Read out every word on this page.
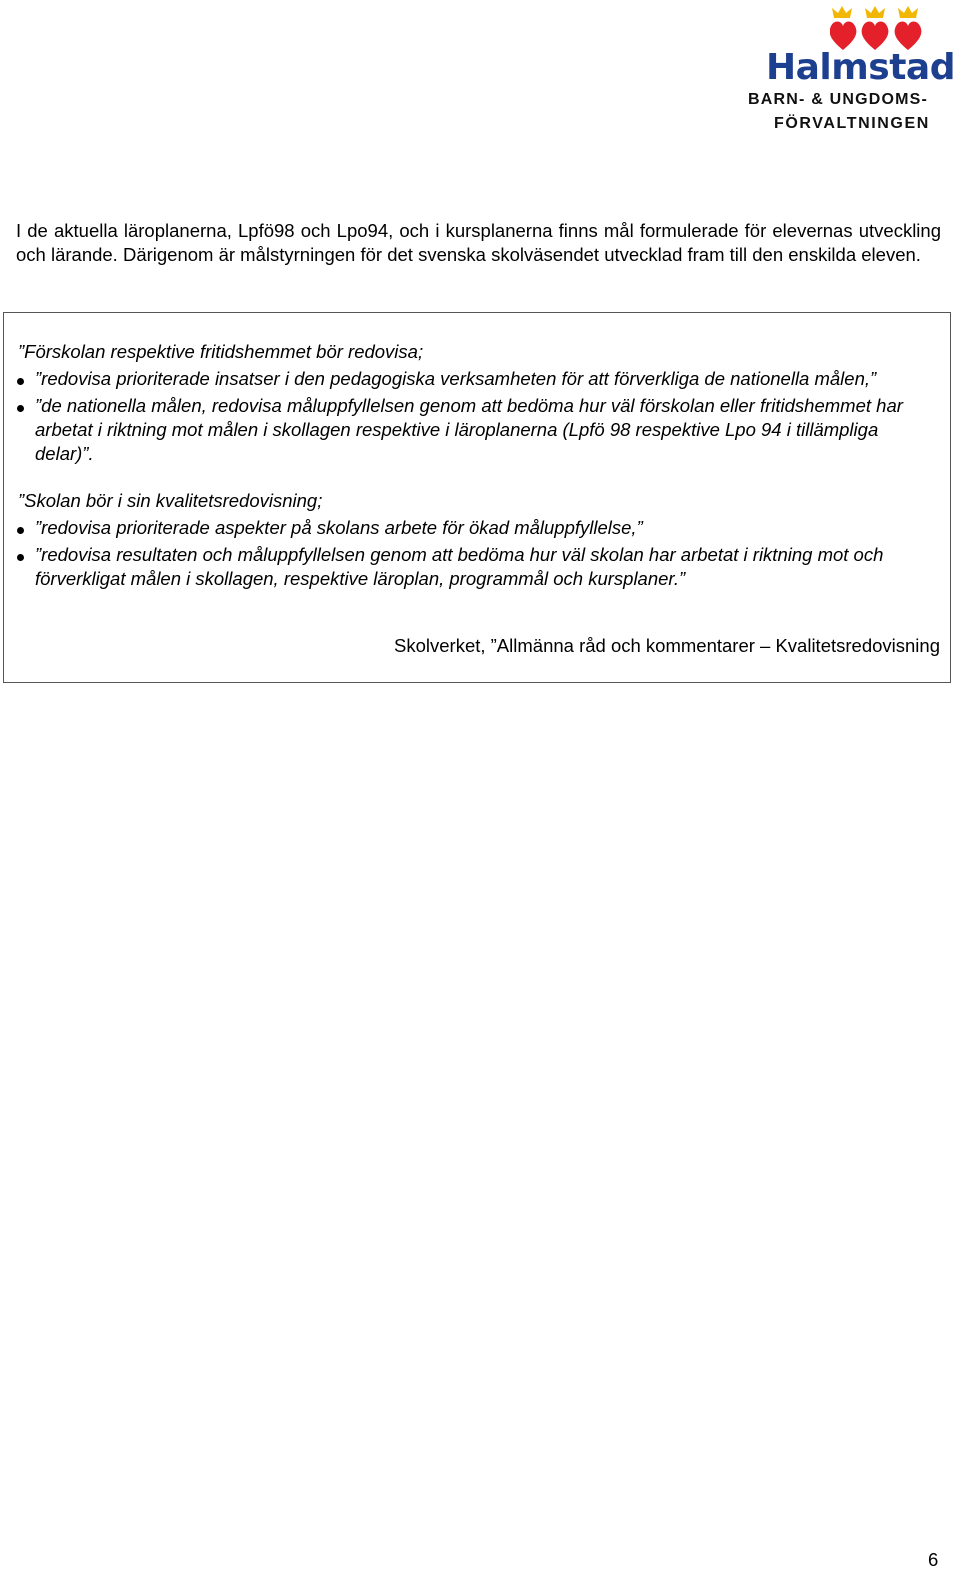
Halmstad
BARN- & UNGDOMS-
FÖRVALTNINGEN

I de aktuella läroplanerna, Lpfö98 och Lpo94, och i kursplanerna finns mål formulerade för elevernas utveckling och lärande. Därigenom är målstyrningen för det svenska skolväsendet utvecklad fram till den enskilda eleven.

”Förskolan respektive fritidshemmet bör redovisa;

”redovisa prioriterade insatser i den pedagogiska verksamheten för att förverkliga de nationella målen,”
”de nationella målen, redovisa måluppfyllelsen genom att bedöma hur väl förskolan eller fritidshemmet har arbetat i riktning mot målen i skollagen respektive i läroplanerna (Lpfö 98 respektive Lpo 94 i tillämpliga delar)”.

”Skolan bör i sin kvalitetsredovisning;

”redovisa prioriterade aspekter på skolans arbete för ökad måluppfyllelse,”
”redovisa resultaten och måluppfyllelsen genom att bedöma hur väl skolan har arbetat i riktning mot och förverkligat målen i skollagen, respektive läroplan, programmål och kursplaner.”
Skolverket, ”Allmänna råd och kommentarer – Kvalitetsredovisning
6
